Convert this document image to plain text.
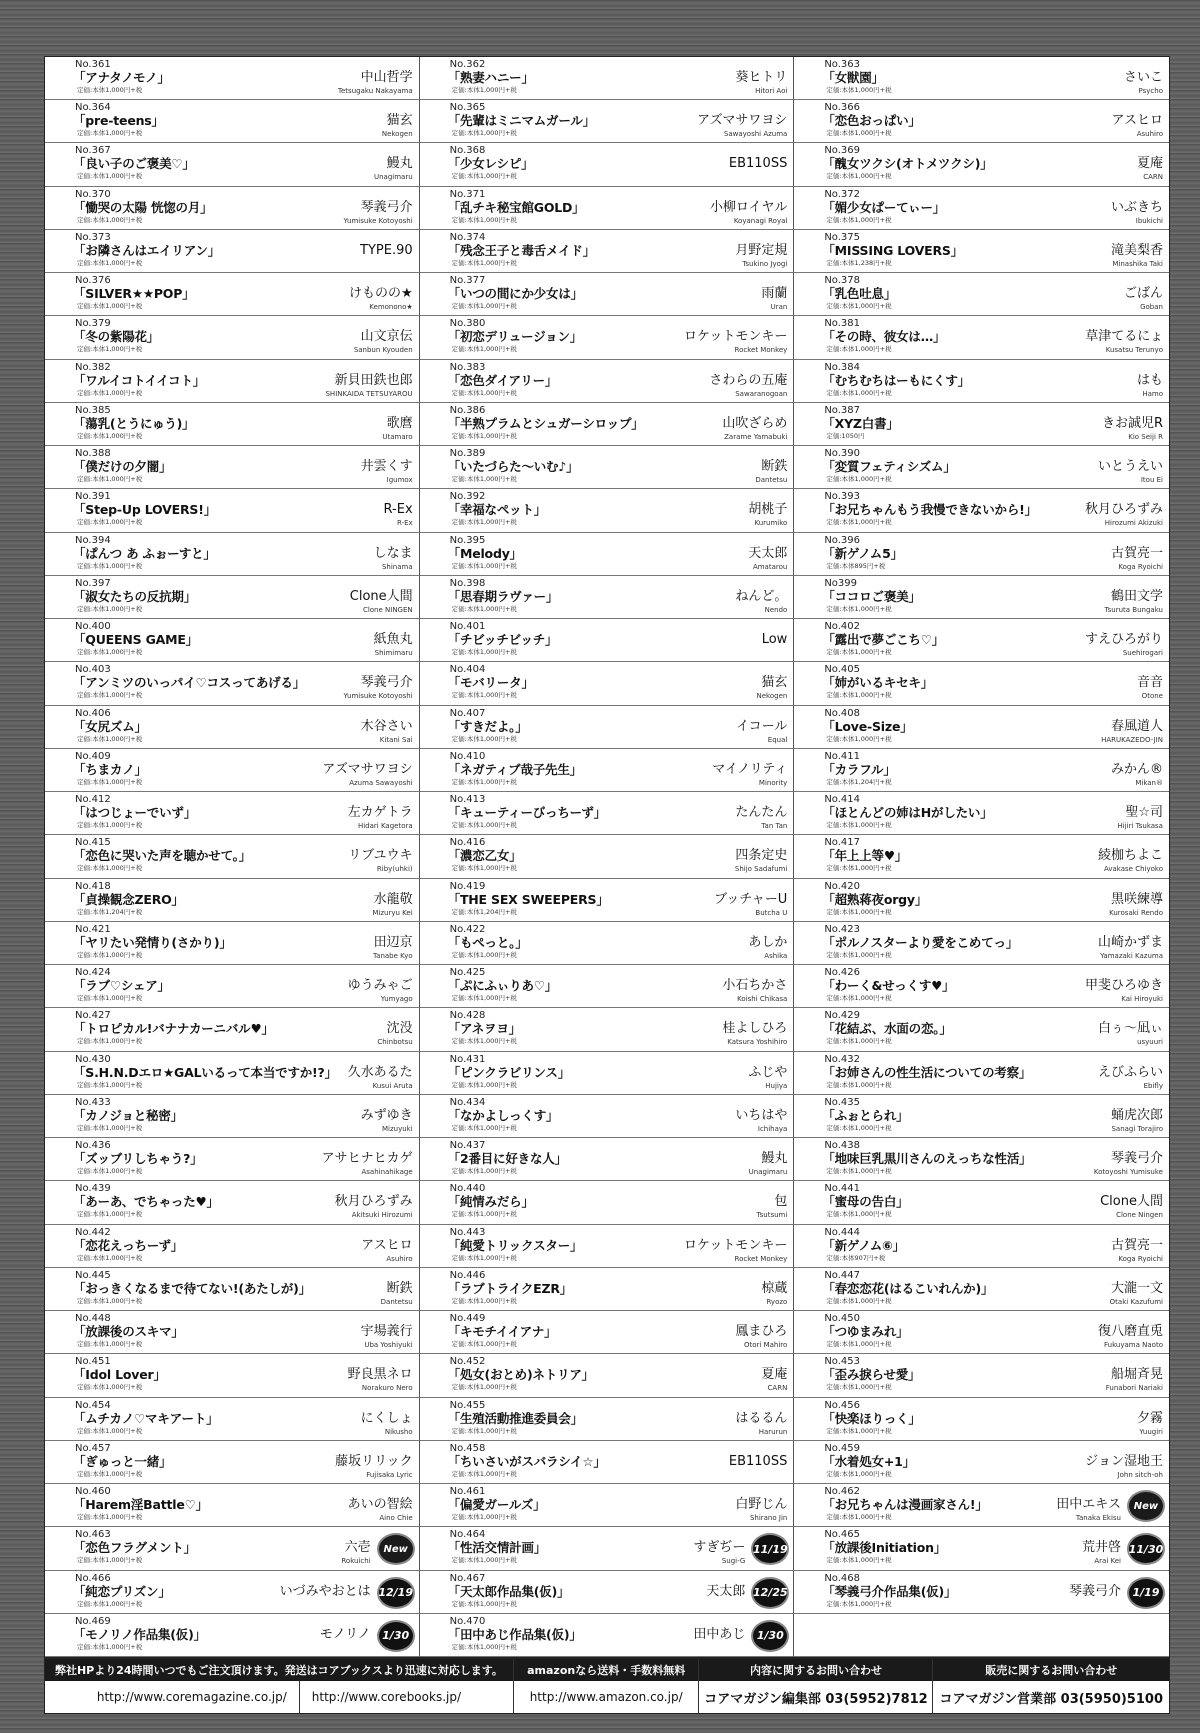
No.361
「アナタノモノ」
定価:本体1,000円+税
中山哲学
Tetsugaku Nakayama
No.362
「熟妻ハニー」
定価:本体1,000円+税
葵ヒトリ
Hitori Aoi
No.363
「女獣園」
定価:本体1,000円+税
さいこ
Psycho
No.364
「pre-teens」
定価:本体1,000円+税
猫玄
Nekogen
No.365
「先輩はミニマムガール」
定価:本体1,000円+税
アズマサワヨシ
Sawayoshi Azuma
No.366
「恋色おっぱい」
定価:本体1,000円+税
アスヒロ
Asuhiro
No.367
「良い子のご褒美♡」
定価:本体1,000円+税
鰻丸
Unagimaru
No.368
「少女レシピ」
定価:本体1,000円+税
EB110SS
No.369
「醜女ツクシ(オトメツクシ)」
定価:本体1,000円+税
夏庵
CARN
No.370
「慟哭の太陽 恍惚の月」
定価:本体1,000円+税
琴義弓介
Yumisuke Kotoyoshi
No.371
「乱チキ秘宝館GOLD」
定価:本体1,000円+税
小柳ロイヤル
Koyanagi Royal
No.372
「媚少女ぱーてぃー」
定価:本体1,000円+税
いぶきち
Ibukichi
No.373
「お隣さんはエイリアン」
定価:本体1,000円+税
TYPE.90
No.374
「残念王子と毒舌メイド」
定価:本体1,000円+税
月野定規
Tsukino Jyogi
No.375
「MISSING LOVERS」
定価:本体1,238円+税
滝美梨香
Minashika Taki
No.376
「SILVER★★POP」
定価:本体1,000円+税
けものの★
Kemonono★
No.377
「いつの間にか少女は」
定価:本体1,000円+税
雨蘭
Uran
No.378
「乳色吐息」
定価:本体1,000円+税
ごばん
Goban
No.379
「冬の紫陽花」
定価:本体1,000円+税
山文京伝
Sanbun Kyouden
No.380
「初恋デリュージョン」
定価:本体1,000円+税
ロケットモンキー
Rocket Monkey
No.381
「その時、彼女は…」
定価:本体1,000円+税
草津てるにょ
Kusatsu Terunyo
No.382
「ワルイコトイイコト」
定価:本体1,000円+税
新貝田鉄也郎
SHINKAIDA TETSUYAROU
No.383
「恋色ダイアリー」
定価:本体1,000円+税
さわらの五庵
Sawaranogoan
No.384
「むちむちはーもにくす」
定価:本体1,000円+税
はも
Hamo
No.385
「蕩乳(とうにゅう)」
定価:本体1,000円+税
歌麿
Utamaro
No.386
「半熟プラムとシュガーシロップ」
定価:本体1,000円+税
山吹ざらめ
Zarame Yamabuki
No.387
「XYZ白書」
定価:1050円
きお誠児R
Kio Seiji R
No.388
「僕だけの夕闇」
定価:本体1,000円+税
井雲くす
Igumox
No.389
「いたづらた〜いむ♪」
定価:本体1,000円+税
断鉄
Dantetsu
No.390
「変質フェティシズム」
定価:本体1,000円+税
いとうえい
Itou Ei
No.391
「Step-Up LOVERS!」
定価:本体1,000円+税
R-Ex
R-Ex
No.392
「幸福なペット」
定価:本体1,000円+税
胡桃子
Kurumiko
No.393
「お兄ちゃんもう我慢できないから!」
定価:本体1,000円+税
秋月ひろずみ
Hirozumi Akizuki
No.394
「ぱんつ あ ふぉーすと」
定価:本体1,000円+税
しなま
Shinama
No.395
「Melody」
定価:本体1,000円+税
天太郎
Amatarou
No.396
「新ゲノム5」
定価:本体895円+税
古賀亮一
Koga Ryoichi
No.397
「淑女たちの反抗期」
定価:本体1,000円+税
Clone人間
Clone NINGEN
No.398
「思春期ラヴァー」
定価:本体1,000円+税
ねんど。
Nendo
No399
「ココロご褒美」
定価:本体1,000円+税
鶴田文学
Tsuruta Bungaku
No.400
「QUEENS GAME」
定価:本体1,000円+税
紙魚丸
Shimimaru
No.401
「チビッチビッチ」
定価:本体1,000円+税
Low
No.402
「露出で夢ごこち♡」
定価:本体1,000円+税
すえひろがり
Suehirogari
No.403
「アンミツのいっパイ♡コスってあげる」
定価:本体1,000円+税
琴義弓介
Yumisuke Kotoyoshi
No.404
「モバリータ」
定価:本体1,000円+税
猫玄
Nekogen
No.405
「姉がいるキセキ」
定価:本体1,000円+税
音音
Otone
No.406
「女尻ズム」
定価:本体1,000円+税
木谷さい
Kitani Sai
No.407
「すきだよ。」
定価:本体1,000円+税
イコール
Equal
No.408
「Love-Size」
定価:本体1,000円+税
春風道人
HARUKAZEDO-JIN
No.409
「ちまカノ」
定価:本体1,000円+税
アズマサワヨシ
Azuma Sawayoshi
No.410
「ネガティブ哉子先生」
定価:本体1,000円+税
マイノリティ
Minority
No.411
「カラフル」
定価:本体1,204円+税
みかん®
Mikan®
No.412
「はつじょーでいず」
定価:本体1,000円+税
左カゲトラ
Hidari Kagetora
No.413
「キューティーびっちーず」
定価:本体1,000円+税
たんたん
Tan Tan
No.414
「ほとんどの姉はHがしたい」
定価:本体1,000円+税
聖☆司
Hijiri Tsukasa
No.415
「恋色に哭いた声を聴かせて。」
定価:本体1,000円+税
リブユウキ
Riby(uhki)
No.416
「濃恋乙女」
定価:本体1,000円+税
四条定史
Shijo Sadafumi
No.417
「年上上等♥」
定価:本体1,000円+税
綾枷ちよこ
Avakase Chiyoko
No.418
「貞操観念ZERO」
定価:本体1,204円+税
水龍敬
Mizuryu Kei
No.419
「THE SEX SWEEPERS」
定価:本体1,204円+税
ブッチャーU
Butcha U
No.420
「超熟蒋夜orgy」
定価:本体1,000円+税
黒咲練導
Kurosaki Rendo
No.421
「ヤリたい発情り(さかり)」
定価:本体1,000円+税
田辺京
Tanabe Kyo
No.422
「もぺっと。」
定価:本体1,000円+税
あしか
Ashika
No.423
「ポルノスターより愛をこめてっ」
定価:本体1,000円+税
山崎かずま
Yamazaki Kazuma
No.424
「ラブ♡シェア」
定価:本体1,000円+税
ゆうみゃご
Yumyago
No.425
「ぷにふぃりあ♡」
定価:本体1,000円+税
小石ちかさ
Koishi Chikasa
No.426
「わーく&せっくす♥」
定価:本体1,000円+税
甲斐ひろゆき
Kai Hiroyuki
No.427
「トロピカル!バナナカーニバル♥」
定価:本体1,000円+税
沈没
Chinbotsu
No.428
「アネヲヨ」
定価:本体1,000円+税
桂よしひろ
Katsura Yoshihiro
No.429
「花結ぶ、水面の恋。」
定価:本体1,000円+税
白ぅ〜凪ぃ
usyuuri
No.430
「S.H.N.Dエロ★GALいるって本当ですか!?」
定価:本体1,000円+税
久水あるた
Kusui Aruta
No.431
「ピンクラビリンス」
定価:本体1,000円+税
ふじや
Hujiya
No.432
「お姉さんの性生活についての考察」
定価:本体1,000円+税
えびふらい
Ebifly
No.433
「カノジョと秘密」
定価:本体1,000円+税
みずゆき
Mizuyuki
No.434
「なかよしっくす」
定価:本体1,000円+税
いちはや
Ichihaya
No.435
「ふぉとられ」
定価:本体1,000円+税
蛹虎次郎
Sanagi Torajiro
No.436
「ズッブリしちゃう?」
定価:本体1,000円+税
アサヒナヒカゲ
Asahinahikage
No.437
「2番目に好きな人」
定価:本体1,000円+税
鰻丸
Unagimaru
No.438
「地味巨乳黒川さんのえっちな性活」
定価:本体1,000円+税
琴義弓介
Kotoyoshi Yumisuke
No.439
「あーあ、でちゃった♥」
定価:本体1,000円+税
秋月ひろずみ
Akitsuki Hirozumi
No.440
「純情みだら」
定価:本体1,000円+税
包
Tsutsumi
No.441
「蜜母の告白」
定価:本体1,000円+税
Clone人間
Clone Ningen
No.442
「恋花えっちーず」
定価:本体1,000円+税
アスヒロ
Asuhiro
No.443
「純愛トリックスター」
定価:本体1,000円+税
ロケットモンキー
Rocket Monkey
No.444
「新ゲノム⑥」
定価:本体907円+税
古賀亮一
Koga Ryoichi
No.445
「おっきくなるまで待てない!(あたしが)」
定価:本体1,000円+税
断鉄
Dantetsu
No.446
「ラブトライクEZR」
定価:本体1,000円+税
椋蔵
Ryozo
No.447
「春恋恋花(はるこいれんか)」
定価:本体1,000円+税
大瀧一文
Otaki Kazufumi
No.448
「放課後のスキマ」
定価:本体1,000円+税
宇場義行
Uba Yoshiyuki
No.449
「キモチイイアナ」
定価:本体1,000円+税
鳳まひろ
Otori Mahiro
No.450
「つゆまみれ」
定価:本体1,000円+税
復八磨直兎
Fukuyama Naoto
No.451
「Idol Lover」
定価:本体1,000円+税
野良黒ネロ
Norakuro Nero
No.452
「処女(おとめ)ネトリア」
定価:本体1,000円+税
夏庵
CARN
No.453
「歪み捩らせ愛」
定価:本体1,000円+税
船堀斉晃
Funabori Nariaki
No.454
「ムチカノ♡マキアート」
定価:本体1,000円+税
にくしょ
Nikusho
No.455
「生殖活動推進委員会」
定価:本体1,000円+税
はるるん
Harurun
No.456
「快楽ほりっく」
定価:本体1,000円+税
夕霧
Yuugiri
No.457
「ぎゅっと一緒」
定価:本体1,000円+税
藤坂リリック
Fujisaka Lyric
No.458
「ちいさいがスバラシイ☆」
定価:本体1,000円+税
EB110SS
No.459
「水着処女+1」
定価:本体1,000円+税
ジョン湿地王
John sitch-oh
No.460
「Harem淫Battle♡」
定価:本体1,000円+税
あいの智絵
Aino Chie
No.461
「偏愛ガールズ」
定価:本体1,000円+税
白野じん
Shirano Jin
No.462
「お兄ちゃんは漫画家さん!」
定価:本体1,000円+税
田中エキス
Tanaka Ekisu
New
No.463
「恋色フラグメント」
定価:本体1,000円+税
六壱
Rokuichi
New
No.464
「性活交情計画」
定価:本体1,000円+税
すぎぢー
Sugi-G
11/19
No.465
「放課後Initiation」
定価:本体1,000円+税
荒井啓
Arai Kei
11/30
No.466
「純恋プリズン」
定価:本体1,000円+税
いづみやおとは 12/19
No.467
「天太郎作品集(仮)」
定価:本体1,000円+税
天太郎 12/25
No.468
「琴義弓介作品集(仮)」
定価:本体1,000円+税
琴義弓介	1/19
No.469
「モノリノ作品集(仮)」
定価:本体1,000円+税
モノリノ	1/30
No.470
「田中あじ作品集(仮)」
定価:本体1,000円+税
田中あじ	1/30
弊社HPより24時間いつでもご注文頂けます。発送はコアブックスより迅速に対応します。
http://www.coremagazine.co.jp/	http://www.corebooks.jp/
amazonなら送料・手数料無料
http://www.amazon.co.jp/
内容に関するお問い合わせ
コアマガジン編集部 03(5952)7812
販売に関するお問い合わせ
コアマガジン営業部 03(5950)5100
